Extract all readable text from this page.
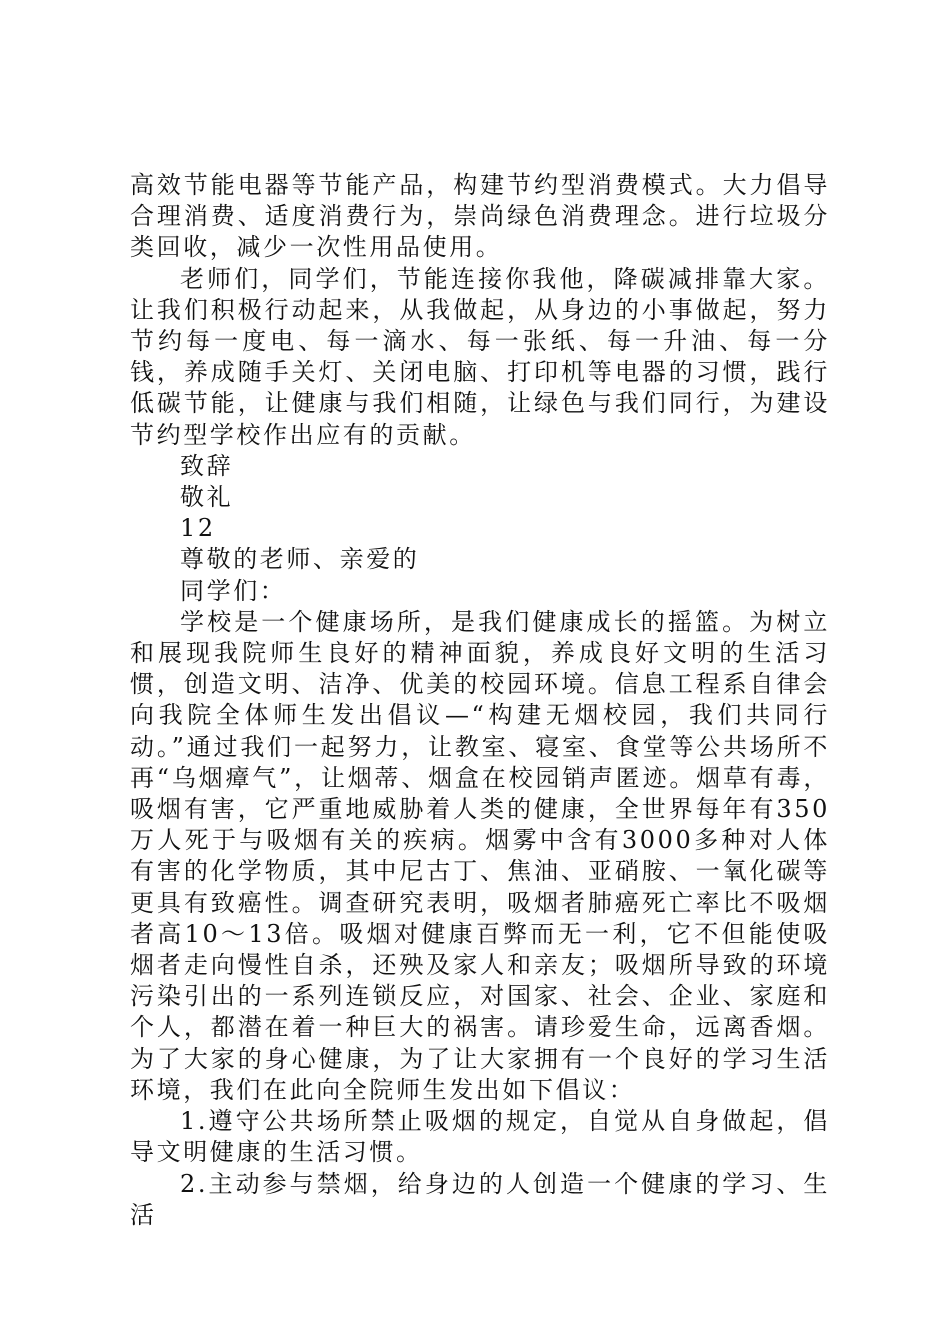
高效节能电器等节能产品，构建节约型消费模式。大力倡导合理消费、适度消费行为，崇尚绿色消费理念。进行垃圾分类回收，减少一次性用品使用。

老师们，同学们，节能连接你我他，降碳减排靠大家。让我们积极行动起来，从我做起，从身边的小事做起，努力节约每一度电、每一滴水、每一张纸、每一升油、每一分钱，养成随手关灯、关闭电脑、打印机等电器的习惯，践行低碳节能，让健康与我们相随，让绿色与我们同行，为建设节约型学校作出应有的贡献。

致辞

敬礼

12

尊敬的老师、亲爱的

同学们：

学校是一个健康场所，是我们健康成长的摇篮。为树立和展现我院师生良好的精神面貌，养成良好文明的生活习惯，创造文明、洁净、优美的校园环境。信息工程系自律会向我院全体师生发出倡议—“构建无烟校园，我们共同行动。”通过我们一起努力，让教室、寝室、食堂等公共场所不再“乌烟瘴气”，让烟蒂、烟盒在校园销声匿迹。烟草有毒，吸烟有害，它严重地威胁着人类的健康，全世界每年有350万人死于与吸烟有关的疾病。烟雾中含有3000多种对人体有害的化学物质，其中尼古丁、焦油、亚硝胺、一氧化碳等更具有致癌性。调查研究表明，吸烟者肺癌死亡率比不吸烟者高10～13倍。吸烟对健康百弊而无一利，它不但能使吸烟者走向慢性自杀，还殃及家人和亲友；吸烟所导致的环境污染引出的一系列连锁反应，对国家、社会、企业、家庭和个人，都潜在着一种巨大的祸害。请珍爱生命，远离香烟。为了大家的身心健康，为了让大家拥有一个良好的学习生活环境，我们在此向全院师生发出如下倡议：

1.遵守公共场所禁止吸烟的规定，自觉从自身做起，倡导文明健康的生活习惯。

2.主动参与禁烟，给身边的人创造一个健康的学习、生活
